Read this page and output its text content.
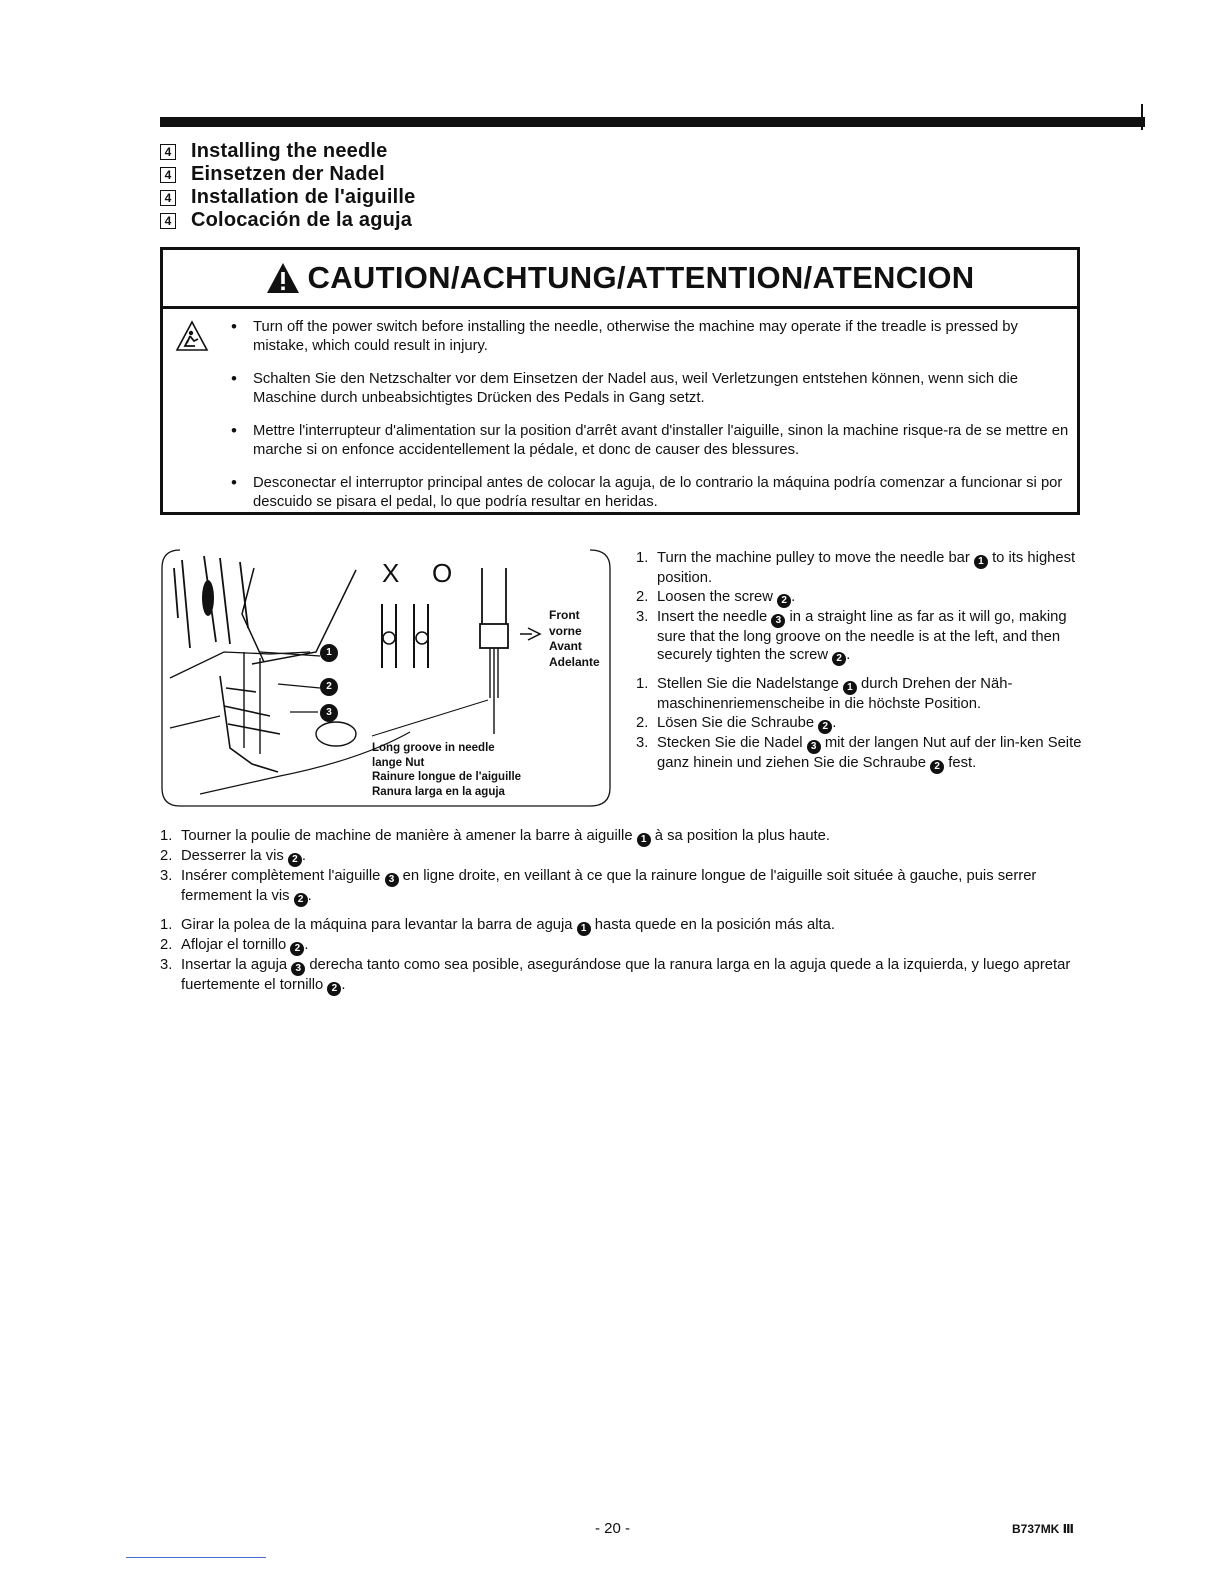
4 Installing the needle
4 Einsetzen der Nadel
4 Installation de l'aiguille
4 Colocación de la aguja
CAUTION/ACHTUNG/ATTENTION/ATENCION
• Turn off the power switch before installing the needle, otherwise the machine may operate if the treadle is pressed by mistake, which could result in injury.
• Schalten Sie den Netzschalter vor dem Einsetzen der Nadel aus, weil Verletzungen entstehen können, wenn sich die Maschine durch unbeabsichtigtes Drücken des Pedals in Gang setzt.
• Mettre l'interrupteur d'alimentation sur la position d'arrêt avant d'installer l'aiguille, sinon la machine risque-ra de se mettre en marche si on enfonce accidentellement la pédale, et donc de causer des blessures.
• Desconectar el interruptor principal antes de colocar la aguja, de lo contrario la máquina podría comenzar a funcionar si por descuido se pisara el pedal, lo que podría resultar en heridas.
X O
1
2
3
Front
vorne
Avant
Adelante
Long groove in needle
lange Nut
Rainure longue de l'aiguille
Ranura larga en la aguja
1. Turn the machine pulley to move the needle bar 1 to its highest position.
2. Loosen the screw 2 .
3. Insert the needle 3 in a straight line as far as it will go, making sure that the long groove on the needle is at the left, and then securely tighten the screw 2 .
1. Stellen Sie die Nadelstange 1 durch Drehen der Näh-maschinenriemenscheibe in die höchste Position.
2. Lösen Sie die Schraube 2 .
3. Stecken Sie die Nadel 3 mit der langen Nut auf der lin-ken Seite ganz hinein und ziehen Sie die Schraube 2 fest.
1. Tourner la poulie de machine de manière à amener la barre à aiguille 1 à sa position la plus haute.
2. Desserrer la vis 2 .
3. Insérer complètement l'aiguille 3 en ligne droite, en veillant à ce que la rainure longue de l'aiguille soit située à gauche, puis serrer fermement la vis 2 .
1. Girar la polea de la máquina para levantar la barra de aguja 1 hasta quede en la posición más alta.
2. Aflojar el tornillo 2 .
3. Insertar la aguja 3 derecha tanto como sea posible, asegurándose que la ranura larga en la aguja quede a la izquierda, y luego apretar fuertemente el tornillo 2 .
- 20 -	B737MK Ⅲ
